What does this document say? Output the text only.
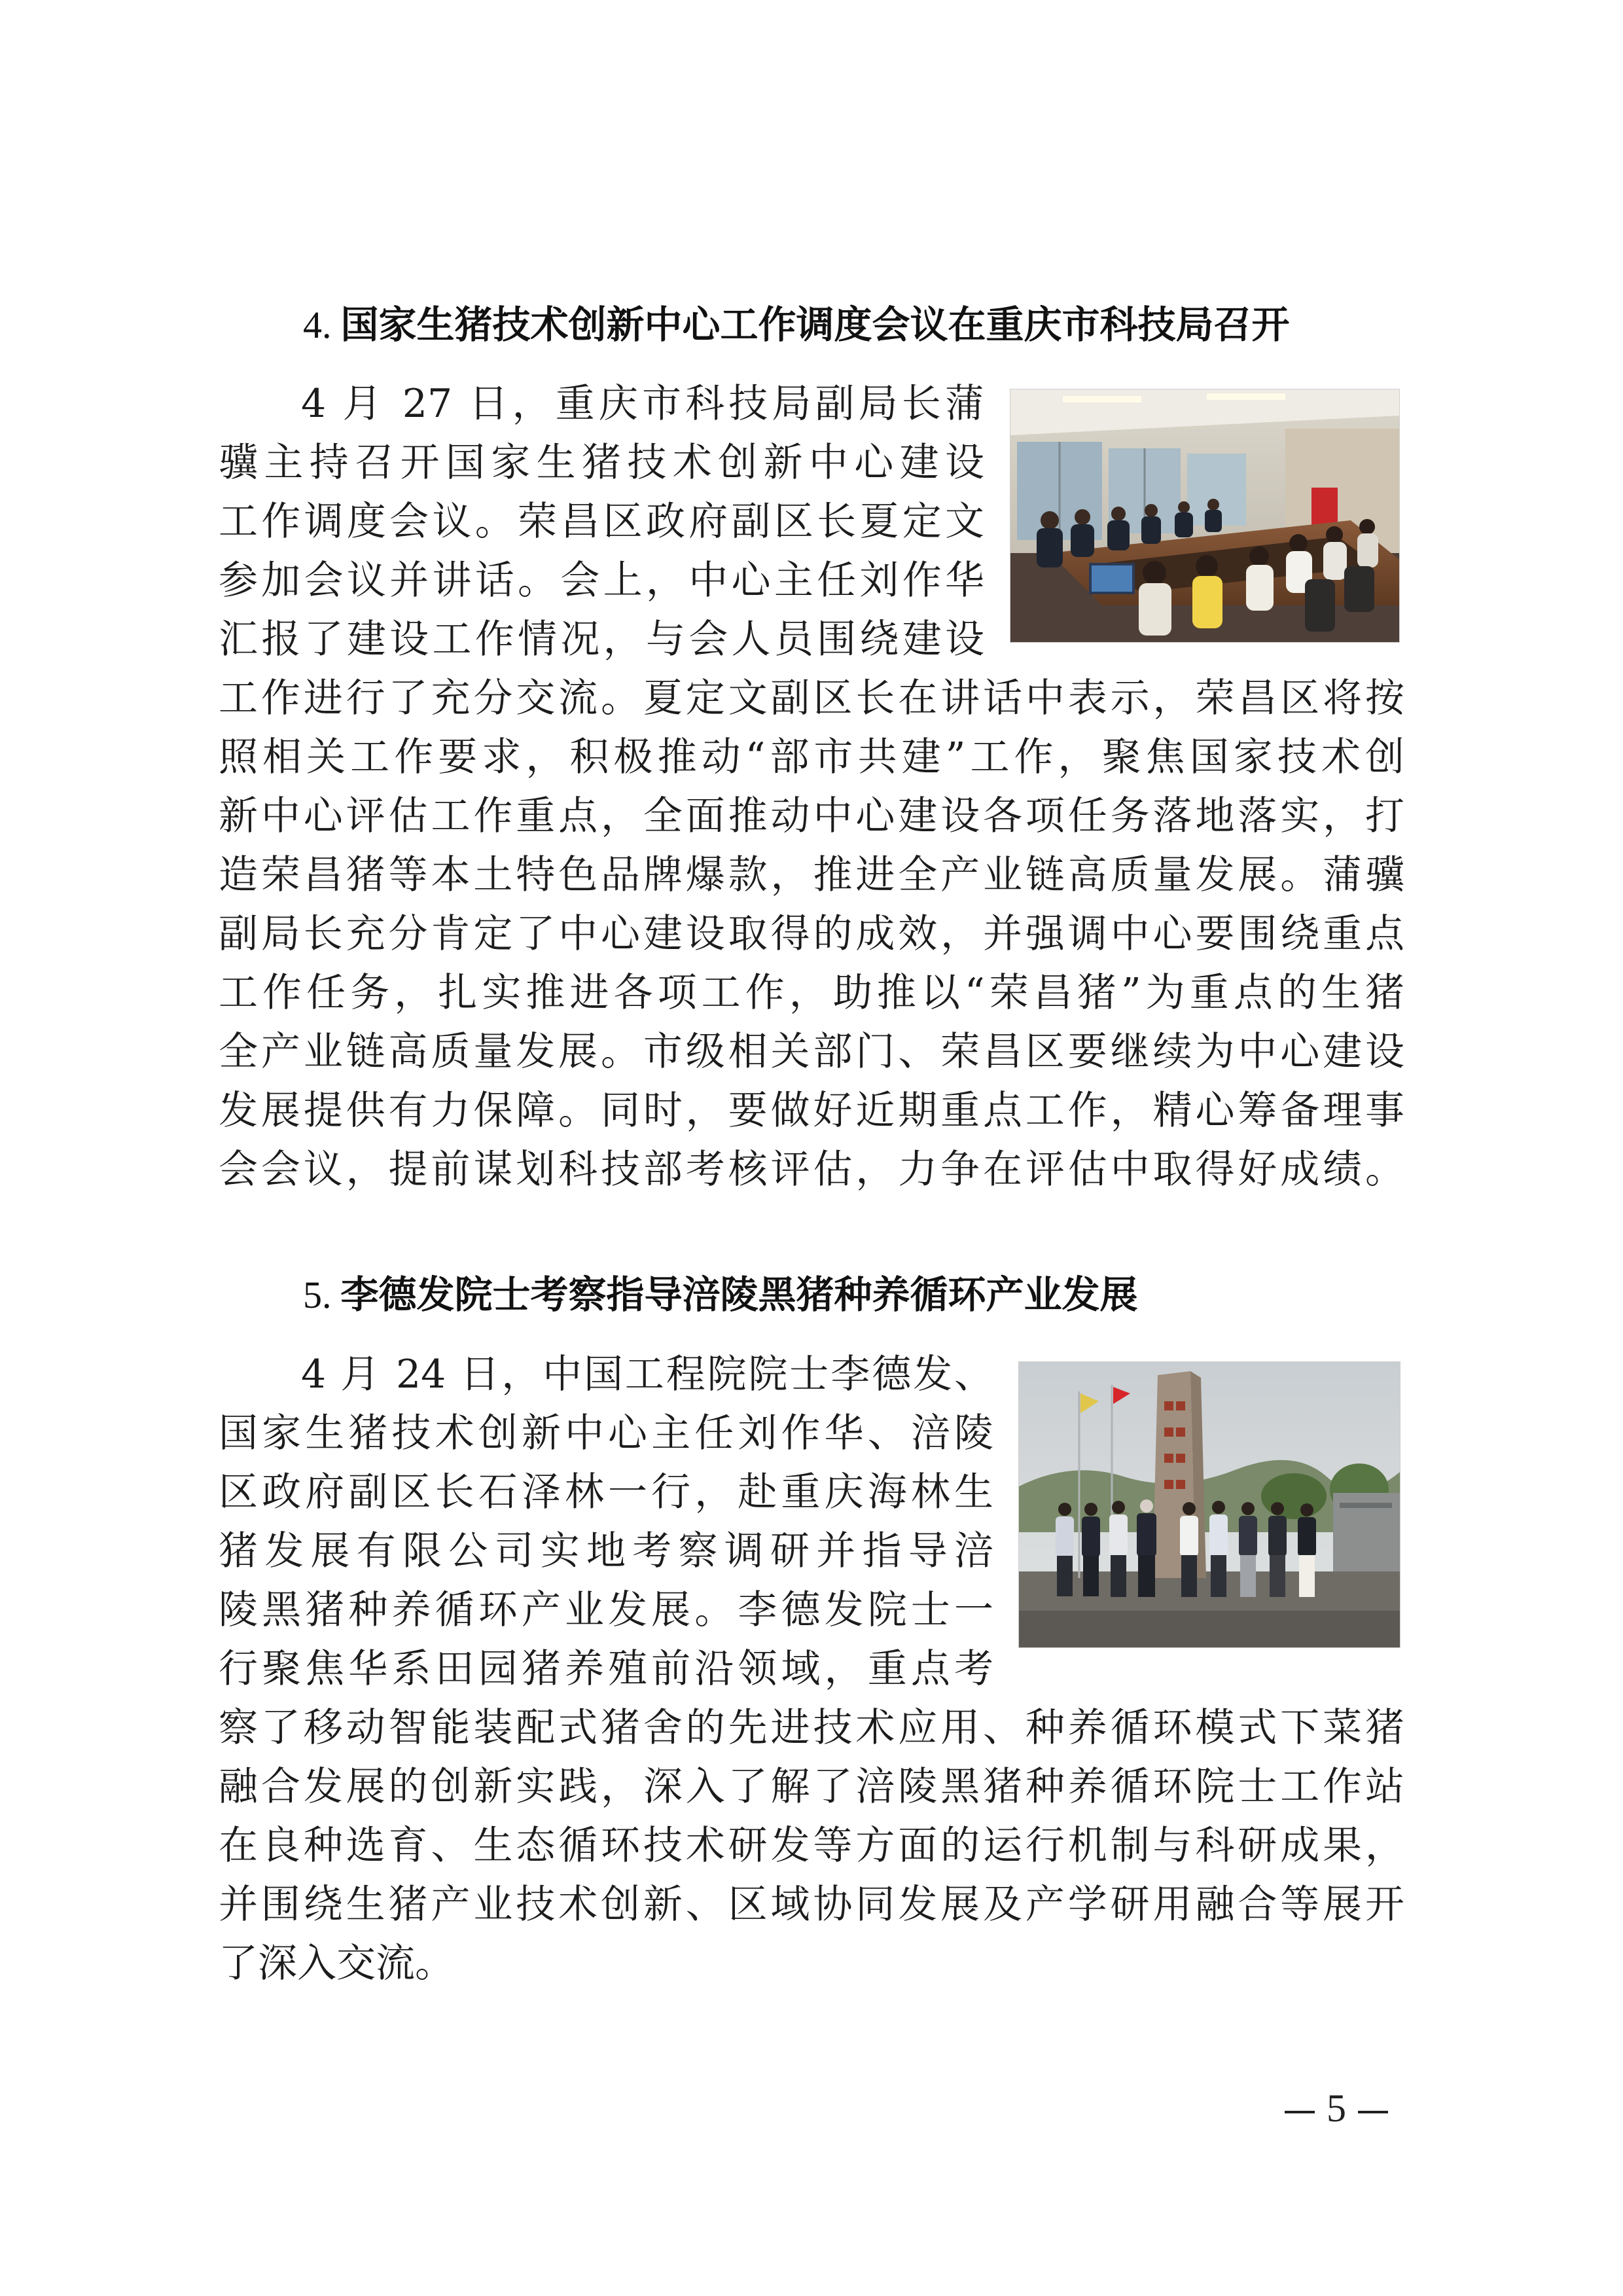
4. 国家生猪技术创新中心工作调度会议在重庆市科技局召开

4 月 27 日，重庆市科技局副局长蒲

骥主持召开国家生猪技术创新中心建设

工作调度会议。荣昌区政府副区长夏定文

参加会议并讲话。会上，中心主任刘作华

汇报了建设工作情况，与会人员围绕建设

工作进行了充分交流。夏定文副区长在讲话中表示，荣昌区将按

照相关工作要求，积极推动“部市共建”工作，聚焦国家技术创

新中心评估工作重点，全面推动中心建设各项任务落地落实，打

造荣昌猪等本土特色品牌爆款，推进全产业链高质量发展。蒲骥

副局长充分肯定了中心建设取得的成效，并强调中心要围绕重点

工作任务，扎实推进各项工作，助推以“荣昌猪”为重点的生猪

全产业链高质量发展。市级相关部门、荣昌区要继续为中心建设

发展提供有力保障。同时，要做好近期重点工作，精心筹备理事

会会议，提前谋划科技部考核评估，力争在评估中取得好成绩。

5. 李德发院士考察指导涪陵黑猪种养循环产业发展

4 月 24 日，中国工程院院士李德发、

国家生猪技术创新中心主任刘作华、涪陵

区政府副区长石泽林一行，赴重庆海林生

猪发展有限公司实地考察调研并指导涪

陵黑猪种养循环产业发展。李德发院士一

行聚焦华系田园猪养殖前沿领域，重点考

察了移动智能装配式猪舍的先进技术应用、种养循环模式下菜猪

融合发展的创新实践，深入了解了涪陵黑猪种养循环院士工作站

在良种选育、生态循环技术研发等方面的运行机制与科研成果，

并围绕生猪产业技术创新、区域协同发展及产学研用融合等展开

了深入交流。

5
